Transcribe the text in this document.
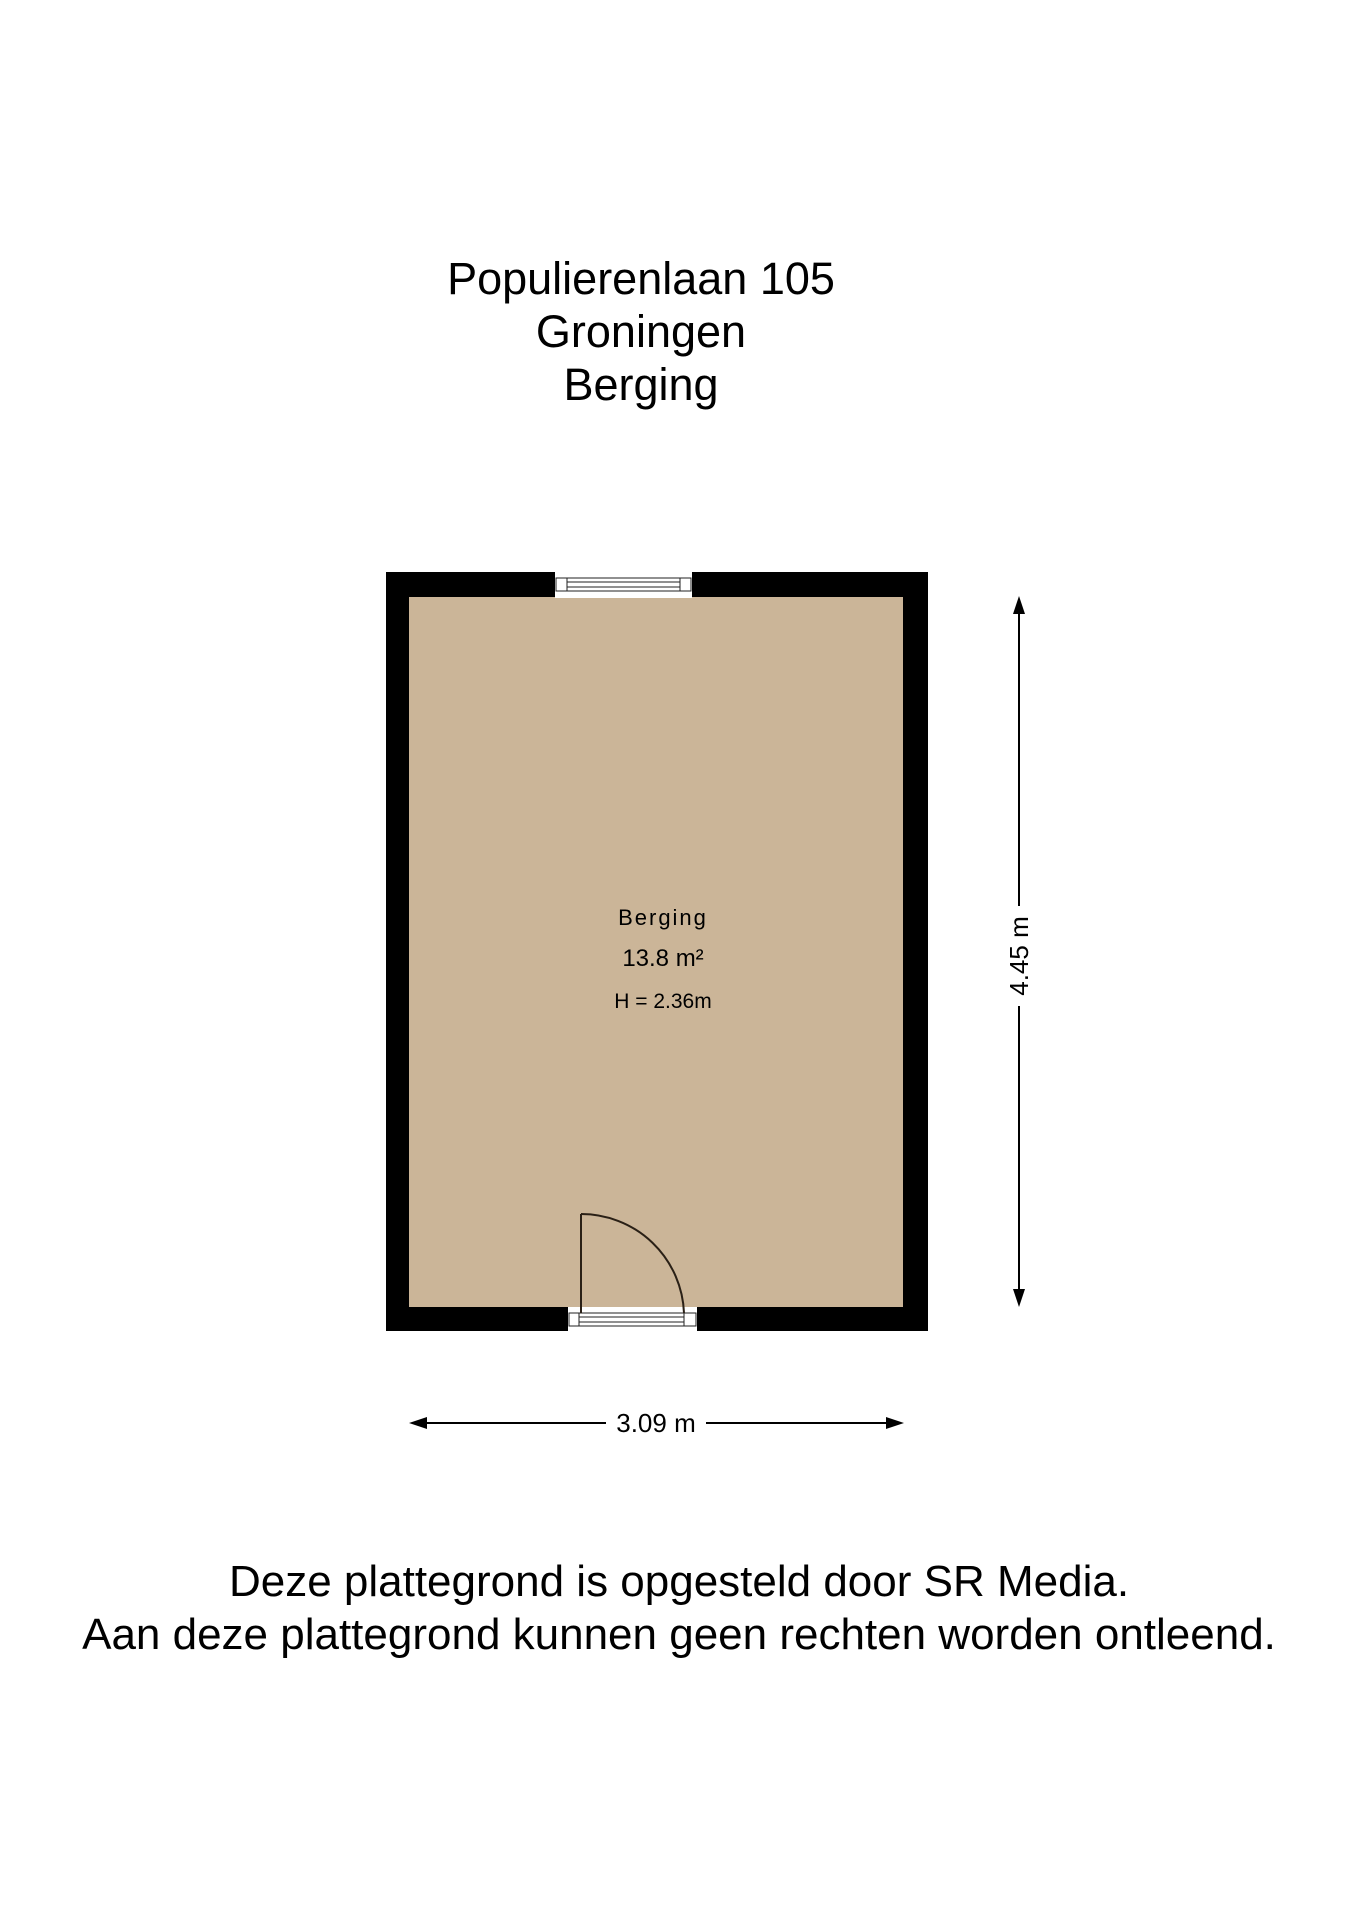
Populierenlaan 105
Groningen
Berging
Berging
13.8 m²
H = 2.36m
3.09 m
4.45 m
Deze plattegrond is opgesteld door SR Media.
Aan deze plattegrond kunnen geen rechten worden ontleend.
